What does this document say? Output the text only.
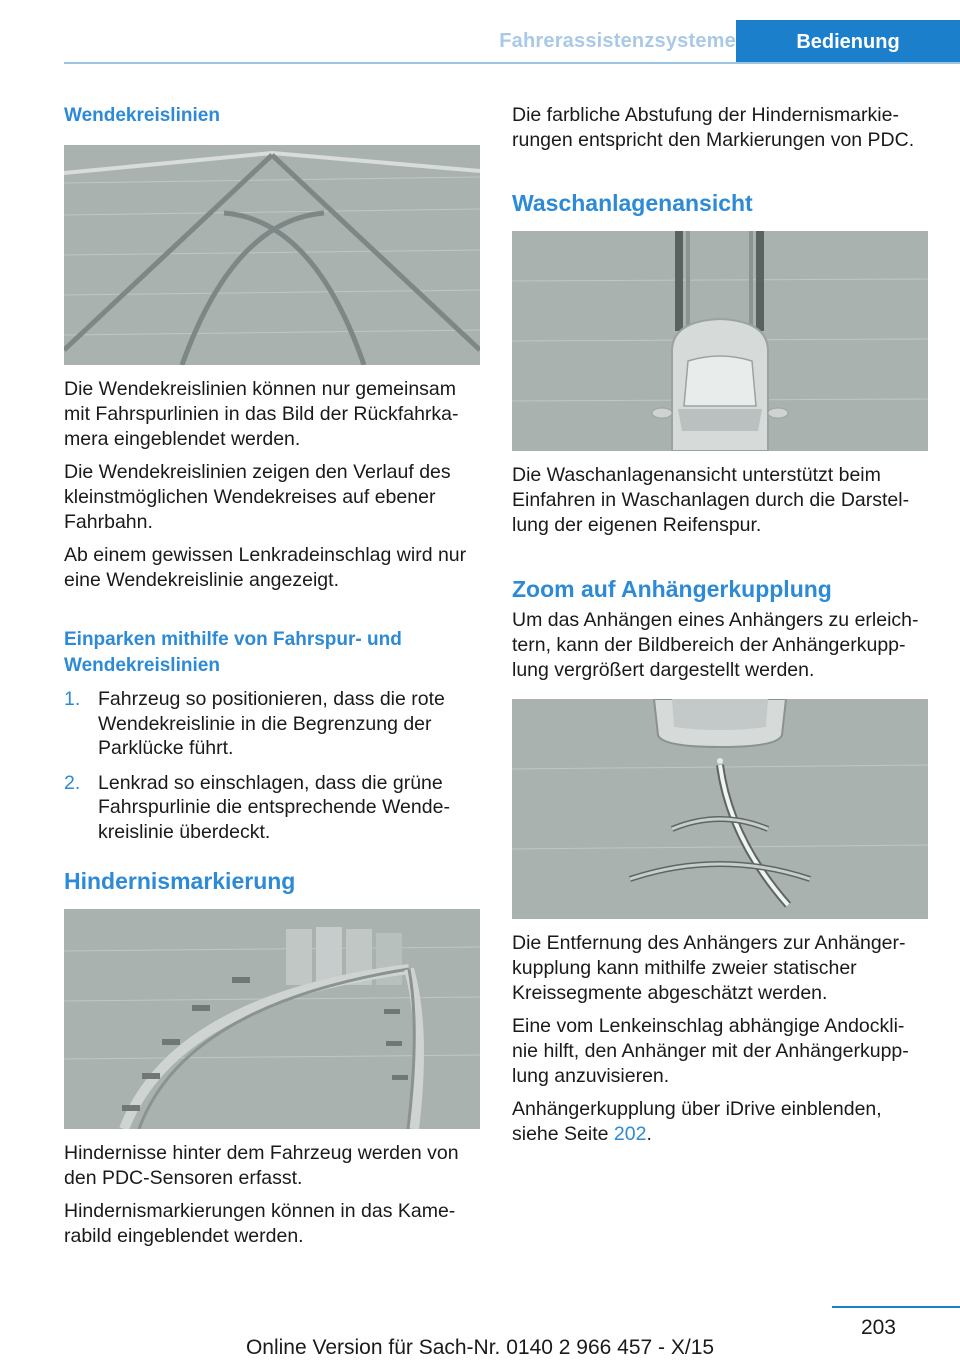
Fahrerassistenzsysteme	Bedienung
Wendekreislinien

Die Wendekreislinien können nur gemeinsam mit Fahrspurlinien in das Bild der Rückfahrka‐ mera eingeblendet werden.

Die Wendekreislinien zeigen den Verlauf des kleinstmöglichen Wendekreises auf ebener Fahrbahn.

Ab einem gewissen Lenkradeinschlag wird nur eine Wendekreislinie angezeigt.

Einparken mithilfe von Fahrspur- und Wendekreislinien
1. Fahrzeug so positionieren, dass die rote Wendekreislinie in die Begrenzung der Parklücke führt.
2. Lenkrad so einschlagen, dass die grüne Fahrspurlinie die entsprechende Wende‐ kreislinie überdeckt.
Hindernismarkierung

Hindernisse hinter dem Fahrzeug werden von den PDC-Sensoren erfasst.

Hindernismarkierungen können in das Kame‐ rabild eingeblendet werden.

Die farbliche Abstufung der Hindernismarkie‐ rungen entspricht den Markierungen von PDC.

Waschanlagenansicht

Die Waschanlagenansicht unterstützt beim Einfahren in Waschanlagen durch die Darstel‐ lung der eigenen Reifenspur.

Zoom auf Anhängerkupplung

Um das Anhängen eines Anhängers zu erleich‐ tern, kann der Bildbereich der Anhängerkupp‐ lung vergrößert dargestellt werden.

Die Entfernung des Anhängers zur Anhänger‐ kupplung kann mithilfe zweier statischer Kreissegmente abgeschätzt werden.

Eine vom Lenkeinschlag abhängige Andockli‐ nie hilft, den Anhänger mit der Anhängerkupp‐ lung anzuvisieren.

Anhängerkupplung über iDrive einblenden, siehe Seite 202.

203
Online Version für Sach-Nr. 0140 2 966 457 - X/15
